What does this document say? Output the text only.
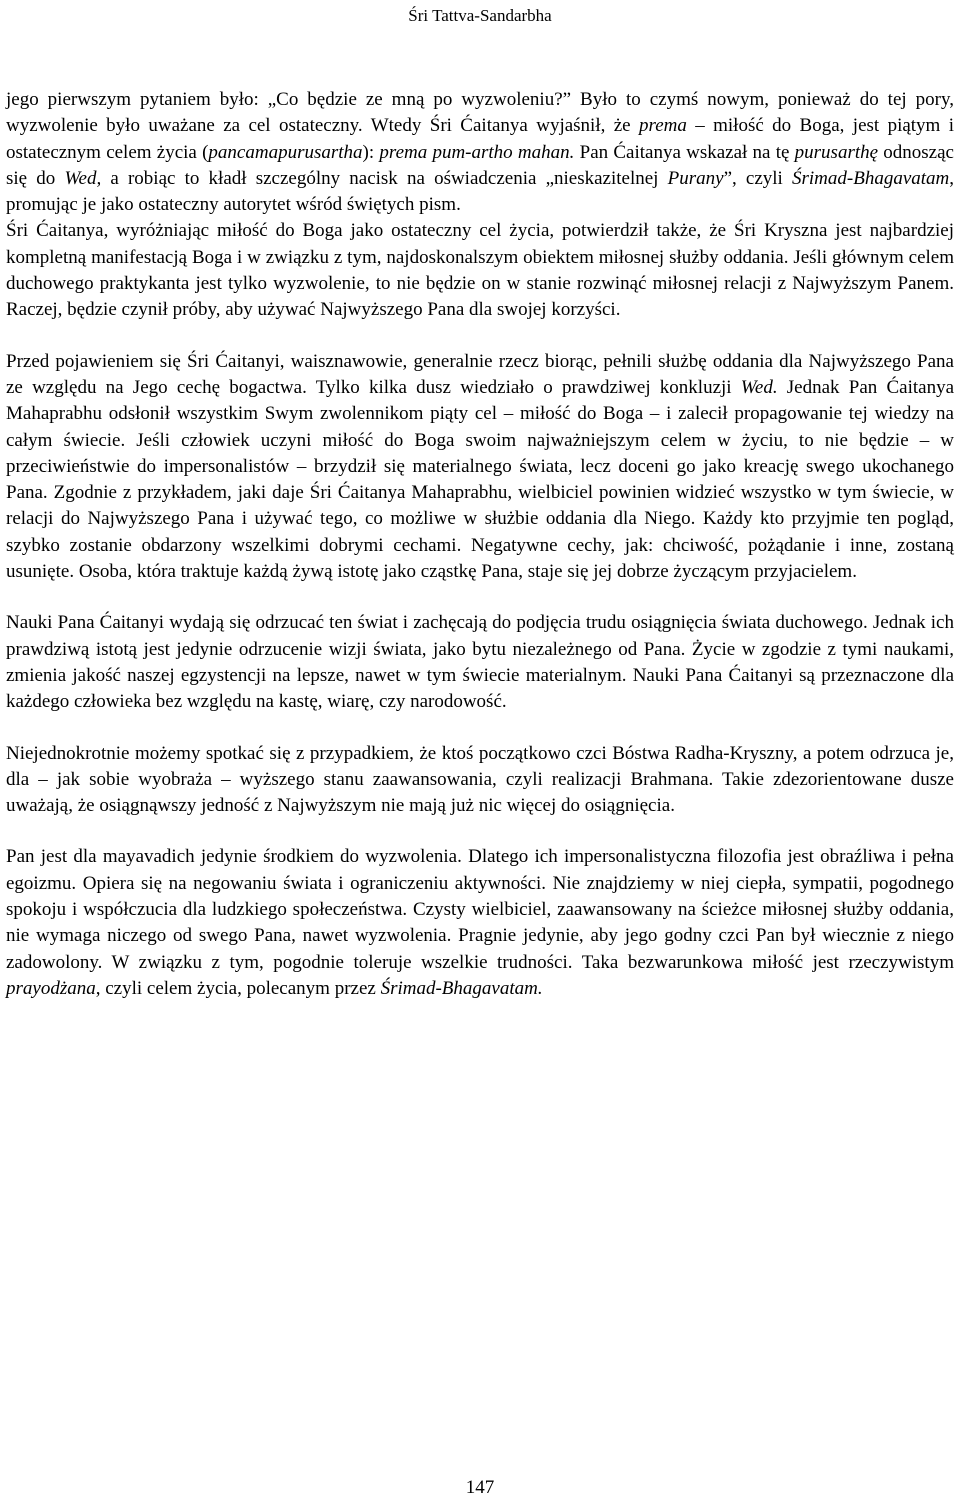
Śri Tattva-Sandarbha

jego pierwszym pytaniem było: „Co będzie ze mną po wyzwoleniu?” Było to czymś nowym, ponieważ do tej pory, wyzwolenie było uważane za cel ostateczny. Wtedy Śri Ćaitanya wyjaśnił, że prema – miłość do Boga, jest piątym i ostatecznym celem życia (pancamapurusartha): prema pum-artho mahan. Pan Ćaitanya wskazał na tę purusarthę odnosząc się do Wed, a robiąc to kładł szczególny nacisk na oświadczenia „nieskazitelnej Purany”, czyli Śrimad-Bhagavatam, promując je jako ostateczny autorytet wśród świętych pism.

Śri Ćaitanya, wyróżniając miłość do Boga jako ostateczny cel życia, potwierdził także, że Śri Kryszna jest najbardziej kompletną manifestacją Boga i w związku z tym, najdoskonalszym obiektem miłosnej służby oddania. Jeśli głównym celem duchowego praktykanta jest tylko wyzwolenie, to nie będzie on w stanie rozwinąć miłosnej relacji z Najwyższym Panem. Raczej, będzie czynił próby, aby używać Najwyższego Pana dla swojej korzyści.

Przed pojawieniem się Śri Ćaitanyi, waisznawowie, generalnie rzecz biorąc, pełnili służbę oddania dla Najwyższego Pana ze względu na Jego cechę bogactwa. Tylko kilka dusz wiedziało o prawdziwej konkluzji Wed. Jednak Pan Ćaitanya Mahaprabhu odsłonił wszystkim Swym zwolennikom piąty cel – miłość do Boga – i zalecił propagowanie tej wiedzy na całym świecie. Jeśli człowiek uczyni miłość do Boga swoim najważniejszym celem w życiu, to nie będzie – w przeciwieństwie do impersonalistów – brzydził się materialnego świata, lecz doceni go jako kreację swego ukochanego Pana. Zgodnie z przykładem, jaki daje Śri Ćaitanya Mahaprabhu, wielbiciel powinien widzieć wszystko w tym świecie, w relacji do Najwyższego Pana i używać tego, co możliwe w służbie oddania dla Niego. Każdy kto przyjmie ten pogląd, szybko zostanie obdarzony wszelkimi dobrymi cechami. Negatywne cechy, jak: chciwość, pożądanie i inne, zostaną usunięte. Osoba, która traktuje każdą żywą istotę jako cząstkę Pana, staje się jej dobrze życzącym przyjacielem.

Nauki Pana Ćaitanyi wydają się odrzucać ten świat i zachęcają do podjęcia trudu osiągnięcia świata duchowego. Jednak ich prawdziwą istotą jest jedynie odrzucenie wizji świata, jako bytu niezależnego od Pana. Życie w zgodzie z tymi naukami, zmienia jakość naszej egzystencji na lepsze, nawet w tym świecie materialnym. Nauki Pana Ćaitanyi są przeznaczone dla każdego człowieka bez względu na kastę, wiarę, czy narodowość.

Niejednokrotnie możemy spotkać się z przypadkiem, że ktoś początkowo czci Bóstwa Radha-Kryszny, a potem odrzuca je, dla – jak sobie wyobraża – wyższego stanu zaawansowania, czyli realizacji Brahmana. Takie zdezorientowane dusze uważają, że osiągnąwszy jedność z Najwyższym nie mają już nic więcej do osiągnięcia.

Pan jest dla mayavadich jedynie środkiem do wyzwolenia. Dlatego ich impersonalistyczna filozofia jest obraźliwa i pełna egoizmu. Opiera się na negowaniu świata i ograniczeniu aktywności. Nie znajdziemy w niej ciepła, sympatii, pogodnego spokoju i współczucia dla ludzkiego społeczeństwa. Czysty wielbiciel, zaawansowany na ścieżce miłosnej służby oddania, nie wymaga niczego od swego Pana, nawet wyzwolenia. Pragnie jedynie, aby jego godny czci Pan był wiecznie z niego zadowolony. W związku z tym, pogodnie toleruje wszelkie trudności. Taka bezwarunkowa miłość jest rzeczywistym prayodżana, czyli celem życia, polecanym przez Śrimad-Bhagavatam.

147
